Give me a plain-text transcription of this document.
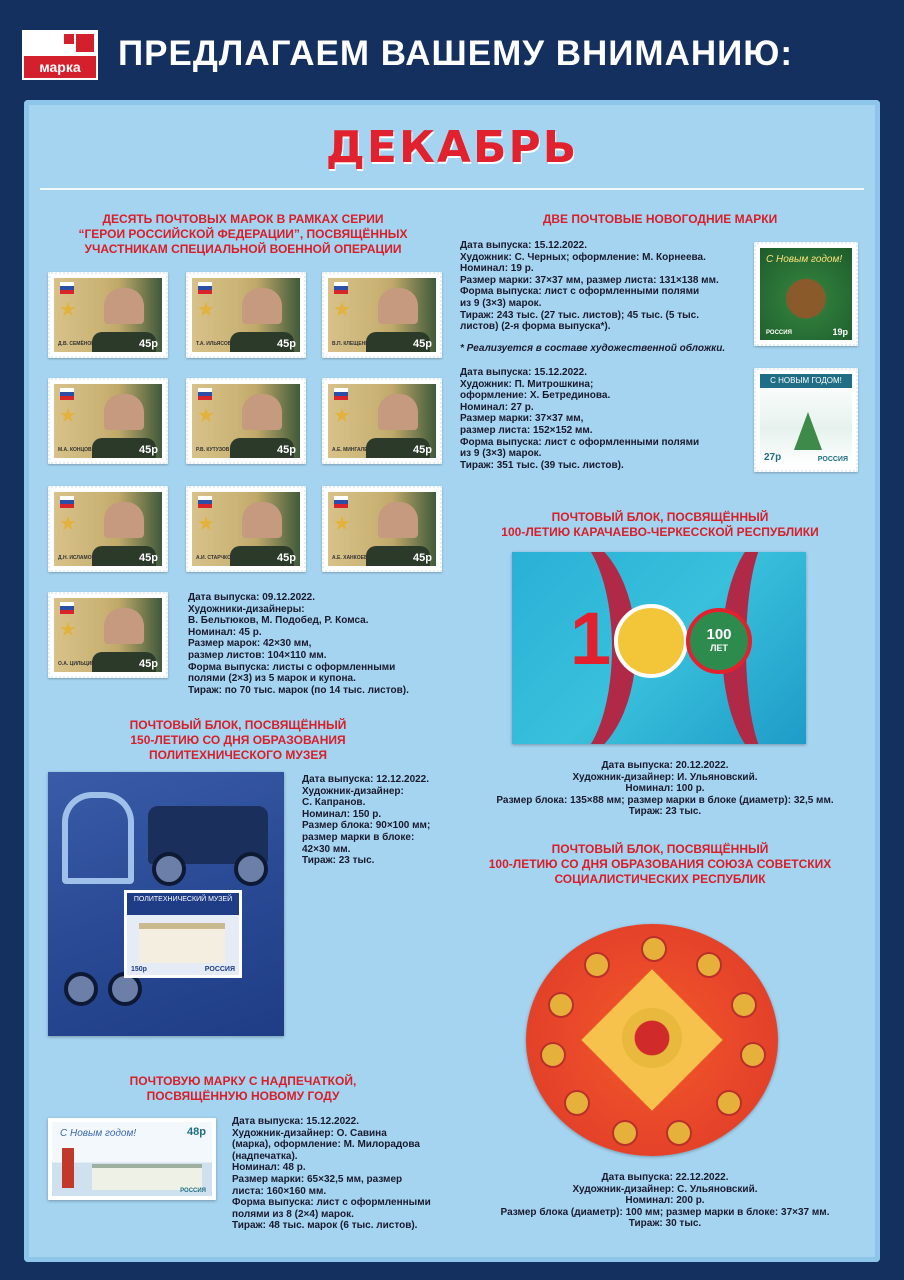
марка	ПРЕДЛАГАЕМ ВАШЕМУ ВНИМАНИЮ:
ДЕКАБРЬ
ДЕСЯТЬ ПОЧТОВЫХ МАРОК В РАМКАХ СЕРИИ
“ГЕРОИ РОССИЙСКОЙ ФЕДЕРАЦИИ”, ПОСВЯЩЁННЫХ
УЧАСТНИКАМ СПЕЦИАЛЬНОЙ ВОЕННОЙ ОПЕРАЦИИ
★
Д.В. СЕМЁНОВ	45р
★
Т.А. ИЛЬЯСОВ	45р
★
В.П. КЛЕЩЕНКО	45р
★
М.А. КОНЦОВ	45р
★
Р.В. КУТУЗОВ	45р
★
А.Е. МИНГАЛЕВ	45р
★
Д.Н. ИСЛАМОВ	45р
★
А.И. СТАРЧКОВ	45р
★
А.Е. ХАНКОЕВ	45р
★
О.А. ЦИЛЬЦИН	45р
Дата выпуска: 09.12.2022.
Художники-дизайнеры:
В. Бельтюков, М. Подобед, Р. Комса.
Номинал: 45 р.
Размер марок: 42×30 мм,
размер листов: 104×110 мм.
Форма выпуска: листы с оформленными
полями (2×3) из 5 марок и купона.
Тираж: по 70 тыс. марок (по 14 тыс. листов).
ДВЕ ПОЧТОВЫЕ НОВОГОДНИЕ МАРКИ
Дата выпуска: 15.12.2022.
Художник: С. Черных; оформление: М. Корнеева.
Номинал: 19 р.
Размер марки: 37×37 мм, размер листа: 131×138 мм.
Форма выпуска: лист с оформленными полями
из 9 (3×3) марок.
Тираж: 243 тыс. (27 тыс. листов); 45 тыс. (5 тыс.
листов) (2-я форма выпуска*).
* Реализуется в составе художественной обложки.
Дата выпуска: 15.12.2022.
Художник: П. Митрошкина;
оформление: Х. Бетрединова.
Номинал: 27 р.
Размер марки: 37×37 мм,
размер листа: 152×152 мм.
Форма выпуска: лист с оформленными полями
из 9 (3×3) марок.
Тираж: 351 тыс. (39 тыс. листов).
С Новым годом!
РОССИЯ	19р
С НОВЫМ ГОДОМ!
27р	РОССИЯ
ПОЧТОВЫЙ БЛОК, ПОСВЯЩЁННЫЙ
100-ЛЕТИЮ КАРАЧАЕВО-ЧЕРКЕССКОЙ РЕСПУБЛИКИ
1	100
ЛЕТ
Дата выпуска: 20.12.2022.
Художник-дизайнер: И. Ульяновский.
Номинал: 100 р.
Размер блока: 135×88 мм; размер марки в блоке (диаметр): 32,5 мм.
Тираж: 23 тыс.
ПОЧТОВЫЙ БЛОК, ПОСВЯЩЁННЫЙ
150-ЛЕТИЮ СО ДНЯ ОБРАЗОВАНИЯ
ПОЛИТЕХНИЧЕСКОГО МУЗЕЯ
ПОЛИТЕХНИЧЕСКИЙ МУЗЕЙ
150р	РОССИЯ
Дата выпуска: 12.12.2022.
Художник-дизайнер:
С. Капранов.
Номинал: 150 р.
Размер блока: 90×100 мм;
размер марки в блоке:
42×30 мм.
Тираж: 23 тыс.
ПОЧТОВЫЙ БЛОК, ПОСВЯЩЁННЫЙ
100-ЛЕТИЮ СО ДНЯ ОБРАЗОВАНИЯ СОЮЗА СОВЕТСКИХ
СОЦИАЛИСТИЧЕСКИХ РЕСПУБЛИК
Дата выпуска: 22.12.2022.
Художник-дизайнер: С. Ульяновский.
Номинал: 200 р.
Размер блока (диаметр): 100 мм; размер марки в блоке: 37×37 мм.
Тираж: 30 тыс.
ПОЧТОВУЮ МАРКУ С НАДПЕЧАТКОЙ,
ПОСВЯЩЁННУЮ НОВОМУ ГОДУ
С Новым годом!	48р
РОССИЯ
Дата выпуска: 15.12.2022.
Художник-дизайнер: О. Савина
(марка), оформление: М. Милорадова
(надпечатка).
Номинал: 48 р.
Размер марки: 65×32,5 мм, размер
листа: 160×160 мм.
Форма выпуска: лист с оформленными
полями из 8 (2×4) марок.
Тираж: 48 тыс. марок (6 тыс. листов).
